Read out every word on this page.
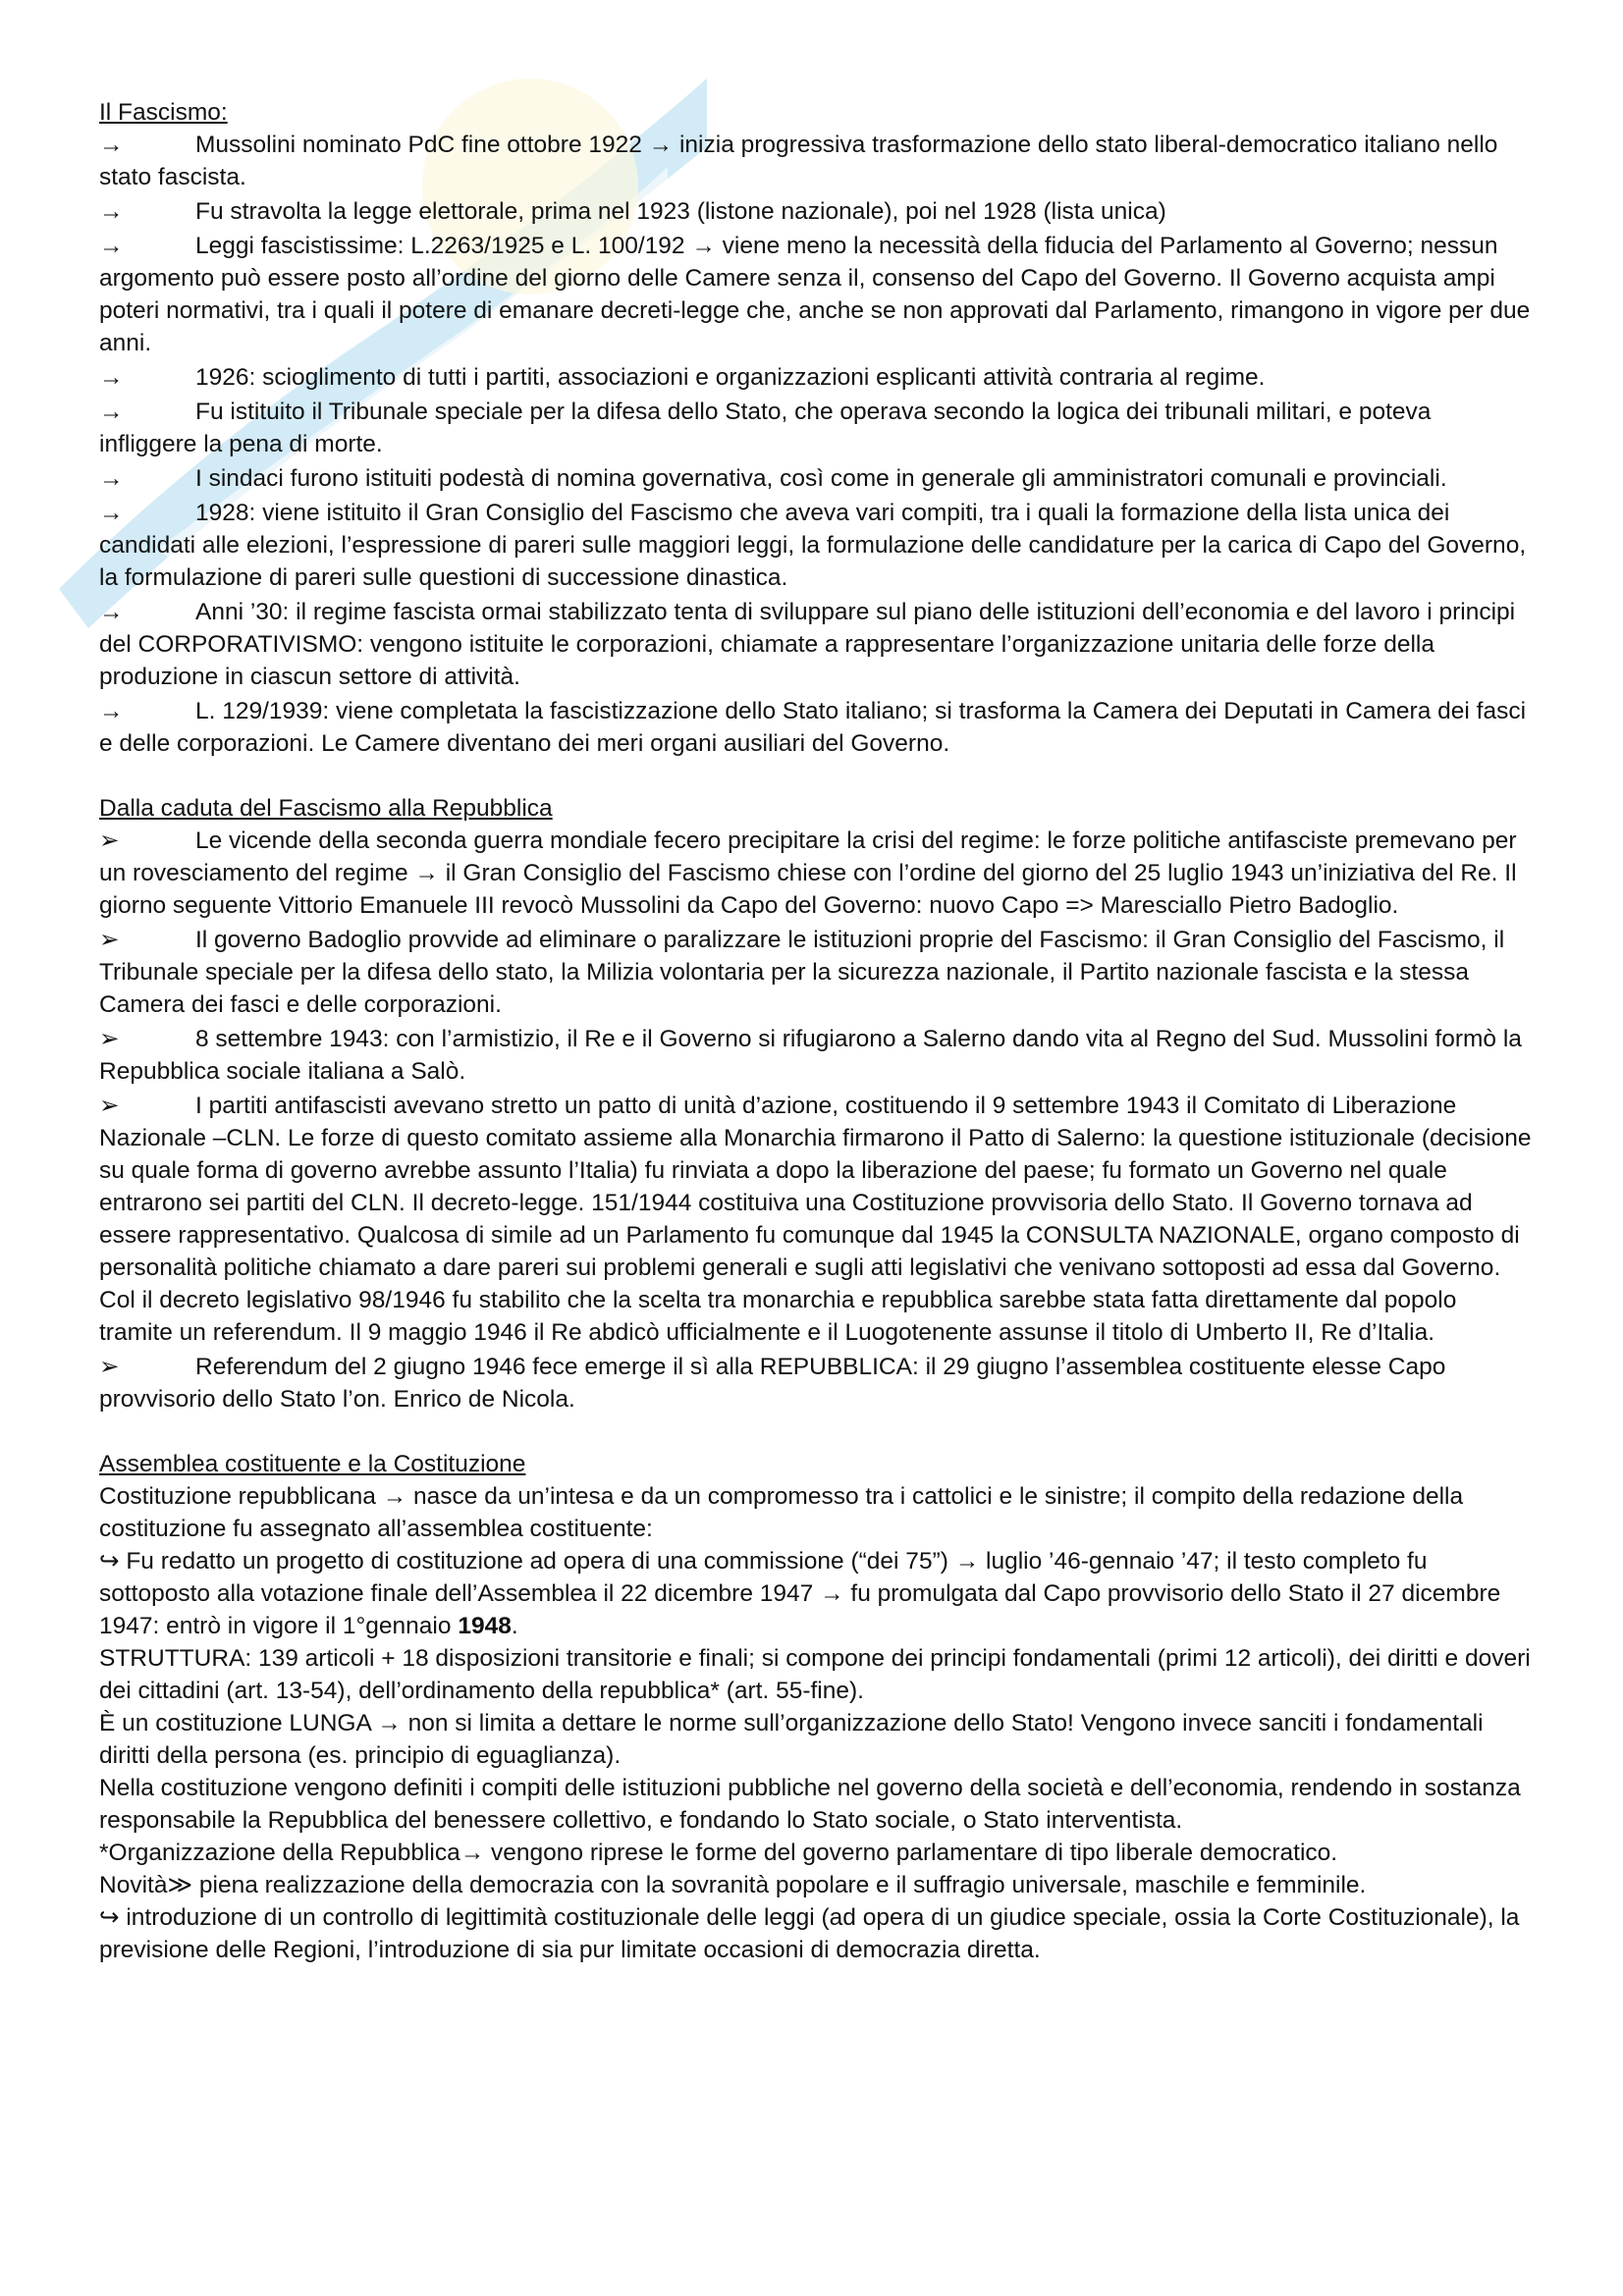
Il Fascismo:

→	Mussolini nominato PdC fine ottobre 1922 → inizia progressiva trasformazione dello stato liberal-democratico italiano nello stato fascista.
→	Fu stravolta la legge elettorale, prima nel 1923 (listone nazionale), poi nel 1928 (lista unica)
→	Leggi fascistissime: L.2263/1925 e L. 100/192 → viene meno la necessità della fiducia del Parlamento al Governo; nessun argomento può essere posto all’ordine del giorno delle Camere senza il, consenso del Capo del Governo. Il Governo acquista ampi poteri normativi, tra i quali il potere di emanare decreti-legge che, anche se non approvati dal Parlamento, rimangono in vigore per due anni.
→	1926: scioglimento di tutti i partiti, associazioni e organizzazioni esplicanti attività contraria al regime.
→	Fu istituito il Tribunale speciale per la difesa dello Stato, che operava secondo la logica dei tribunali militari, e poteva infliggere la pena di morte.
→	I sindaci furono istituiti podestà di nomina governativa, così come in generale gli amministratori comunali e provinciali.
→	1928: viene istituito il Gran Consiglio del Fascismo che aveva vari compiti, tra i quali la formazione della lista unica dei candidati alle elezioni, l’espressione di pareri sulle maggiori leggi, la formulazione delle candidature per la carica di Capo del Governo, la formulazione di pareri sulle questioni di successione dinastica.
→	Anni ’30: il regime fascista ormai stabilizzato tenta di sviluppare sul piano delle istituzioni dell’economia e del lavoro i principi del CORPORATIVISMO: vengono istituite le corporazioni, chiamate a rappresentare l’organizzazione unitaria delle forze della produzione in ciascun settore di attività.
→	L. 129/1939: viene completata la fascistizzazione dello Stato italiano; si trasforma la Camera dei Deputati in Camera dei fasci e delle corporazioni. Le Camere diventano dei meri organi ausiliari del Governo.

Dalla caduta del Fascismo alla Repubblica

➢	Le vicende della seconda guerra mondiale fecero precipitare la crisi del regime: le forze politiche antifasciste premevano per un rovesciamento del regime → il Gran Consiglio del Fascismo chiese con l’ordine del giorno del 25 luglio 1943 un’iniziativa del Re. Il giorno seguente Vittorio Emanuele III revocò Mussolini da Capo del Governo: nuovo Capo => Maresciallo Pietro Badoglio.
➢	Il governo Badoglio provvide ad eliminare o paralizzare le istituzioni proprie del Fascismo: il Gran Consiglio del Fascismo, il Tribunale speciale per la difesa dello stato, la Milizia volontaria per la sicurezza nazionale, il Partito nazionale fascista e la stessa Camera dei fasci e delle corporazioni.
➢	8 settembre 1943: con l’armistizio, il Re e il Governo si rifugiarono a Salerno dando vita al Regno del Sud. Mussolini formò la Repubblica sociale italiana a Salò.
➢	I partiti antifascisti avevano stretto un patto di unità d’azione, costituendo il 9 settembre 1943 il Comitato di Liberazione Nazionale –CLN. Le forze di questo comitato assieme alla Monarchia firmarono il Patto di Salerno: la questione istituzionale (decisione su quale forma di governo avrebbe assunto l’Italia) fu rinviata a dopo la liberazione del paese; fu formato un Governo nel quale entrarono sei partiti del CLN. Il decreto-legge. 151/1944 costituiva una Costituzione provvisoria dello Stato. Il Governo tornava ad essere rappresentativo. Qualcosa di simile ad un Parlamento fu comunque dal 1945 la CONSULTA NAZIONALE, organo composto di personalità politiche chiamato a dare pareri sui problemi generali e sugli atti legislativi che venivano sottoposti ad essa dal Governo. Col il decreto legislativo 98/1946 fu stabilito che la scelta tra monarchia e repubblica sarebbe stata fatta direttamente dal popolo tramite un referendum. Il 9 maggio 1946 il Re abdicò ufficialmente e il Luogotenente assunse il titolo di Umberto II, Re d’Italia.
➢	Referendum del 2 giugno 1946 fece emerge il sì alla REPUBBLICA: il 29 giugno l’assemblea costituente elesse Capo provvisorio dello Stato l’on. Enrico de Nicola.

Assemblea costituente e la Costituzione

Costituzione repubblicana → nasce da un’intesa e da un compromesso tra i cattolici e le sinistre; il compito della redazione della costituzione fu assegnato all’assemblea costituente:

↪ Fu redatto un progetto di costituzione ad opera di una commissione (“dei 75”) → luglio ’46-gennaio ’47; il testo completo fu sottoposto alla votazione finale dell’Assemblea il 22 dicembre 1947 → fu promulgata dal Capo provvisorio dello Stato il 27 dicembre 1947: entrò in vigore il 1°gennaio 1948.

STRUTTURA: 139 articoli + 18 disposizioni transitorie e finali; si compone dei principi fondamentali (primi 12 articoli), dei diritti e doveri dei cittadini (art. 13-54), dell’ordinamento della repubblica* (art. 55-fine).

È un costituzione LUNGA → non si limita a dettare le norme sull’organizzazione dello Stato! Vengono invece sanciti i fondamentali diritti della persona (es. principio di eguaglianza).

Nella costituzione vengono definiti i compiti delle istituzioni pubbliche nel governo della società e dell’economia, rendendo in sostanza responsabile la Repubblica del benessere collettivo, e fondando lo Stato sociale, o Stato interventista.

*Organizzazione della Repubblica→ vengono riprese le forme del governo parlamentare di tipo liberale democratico.

Novità≫ piena realizzazione della democrazia con la sovranità popolare e il suffragio universale, maschile e femminile.

↪ introduzione di un controllo di legittimità costituzionale delle leggi (ad opera di un giudice speciale, ossia la Corte Costituzionale), la previsione delle Regioni, l’introduzione di sia pur limitate occasioni di democrazia diretta.
